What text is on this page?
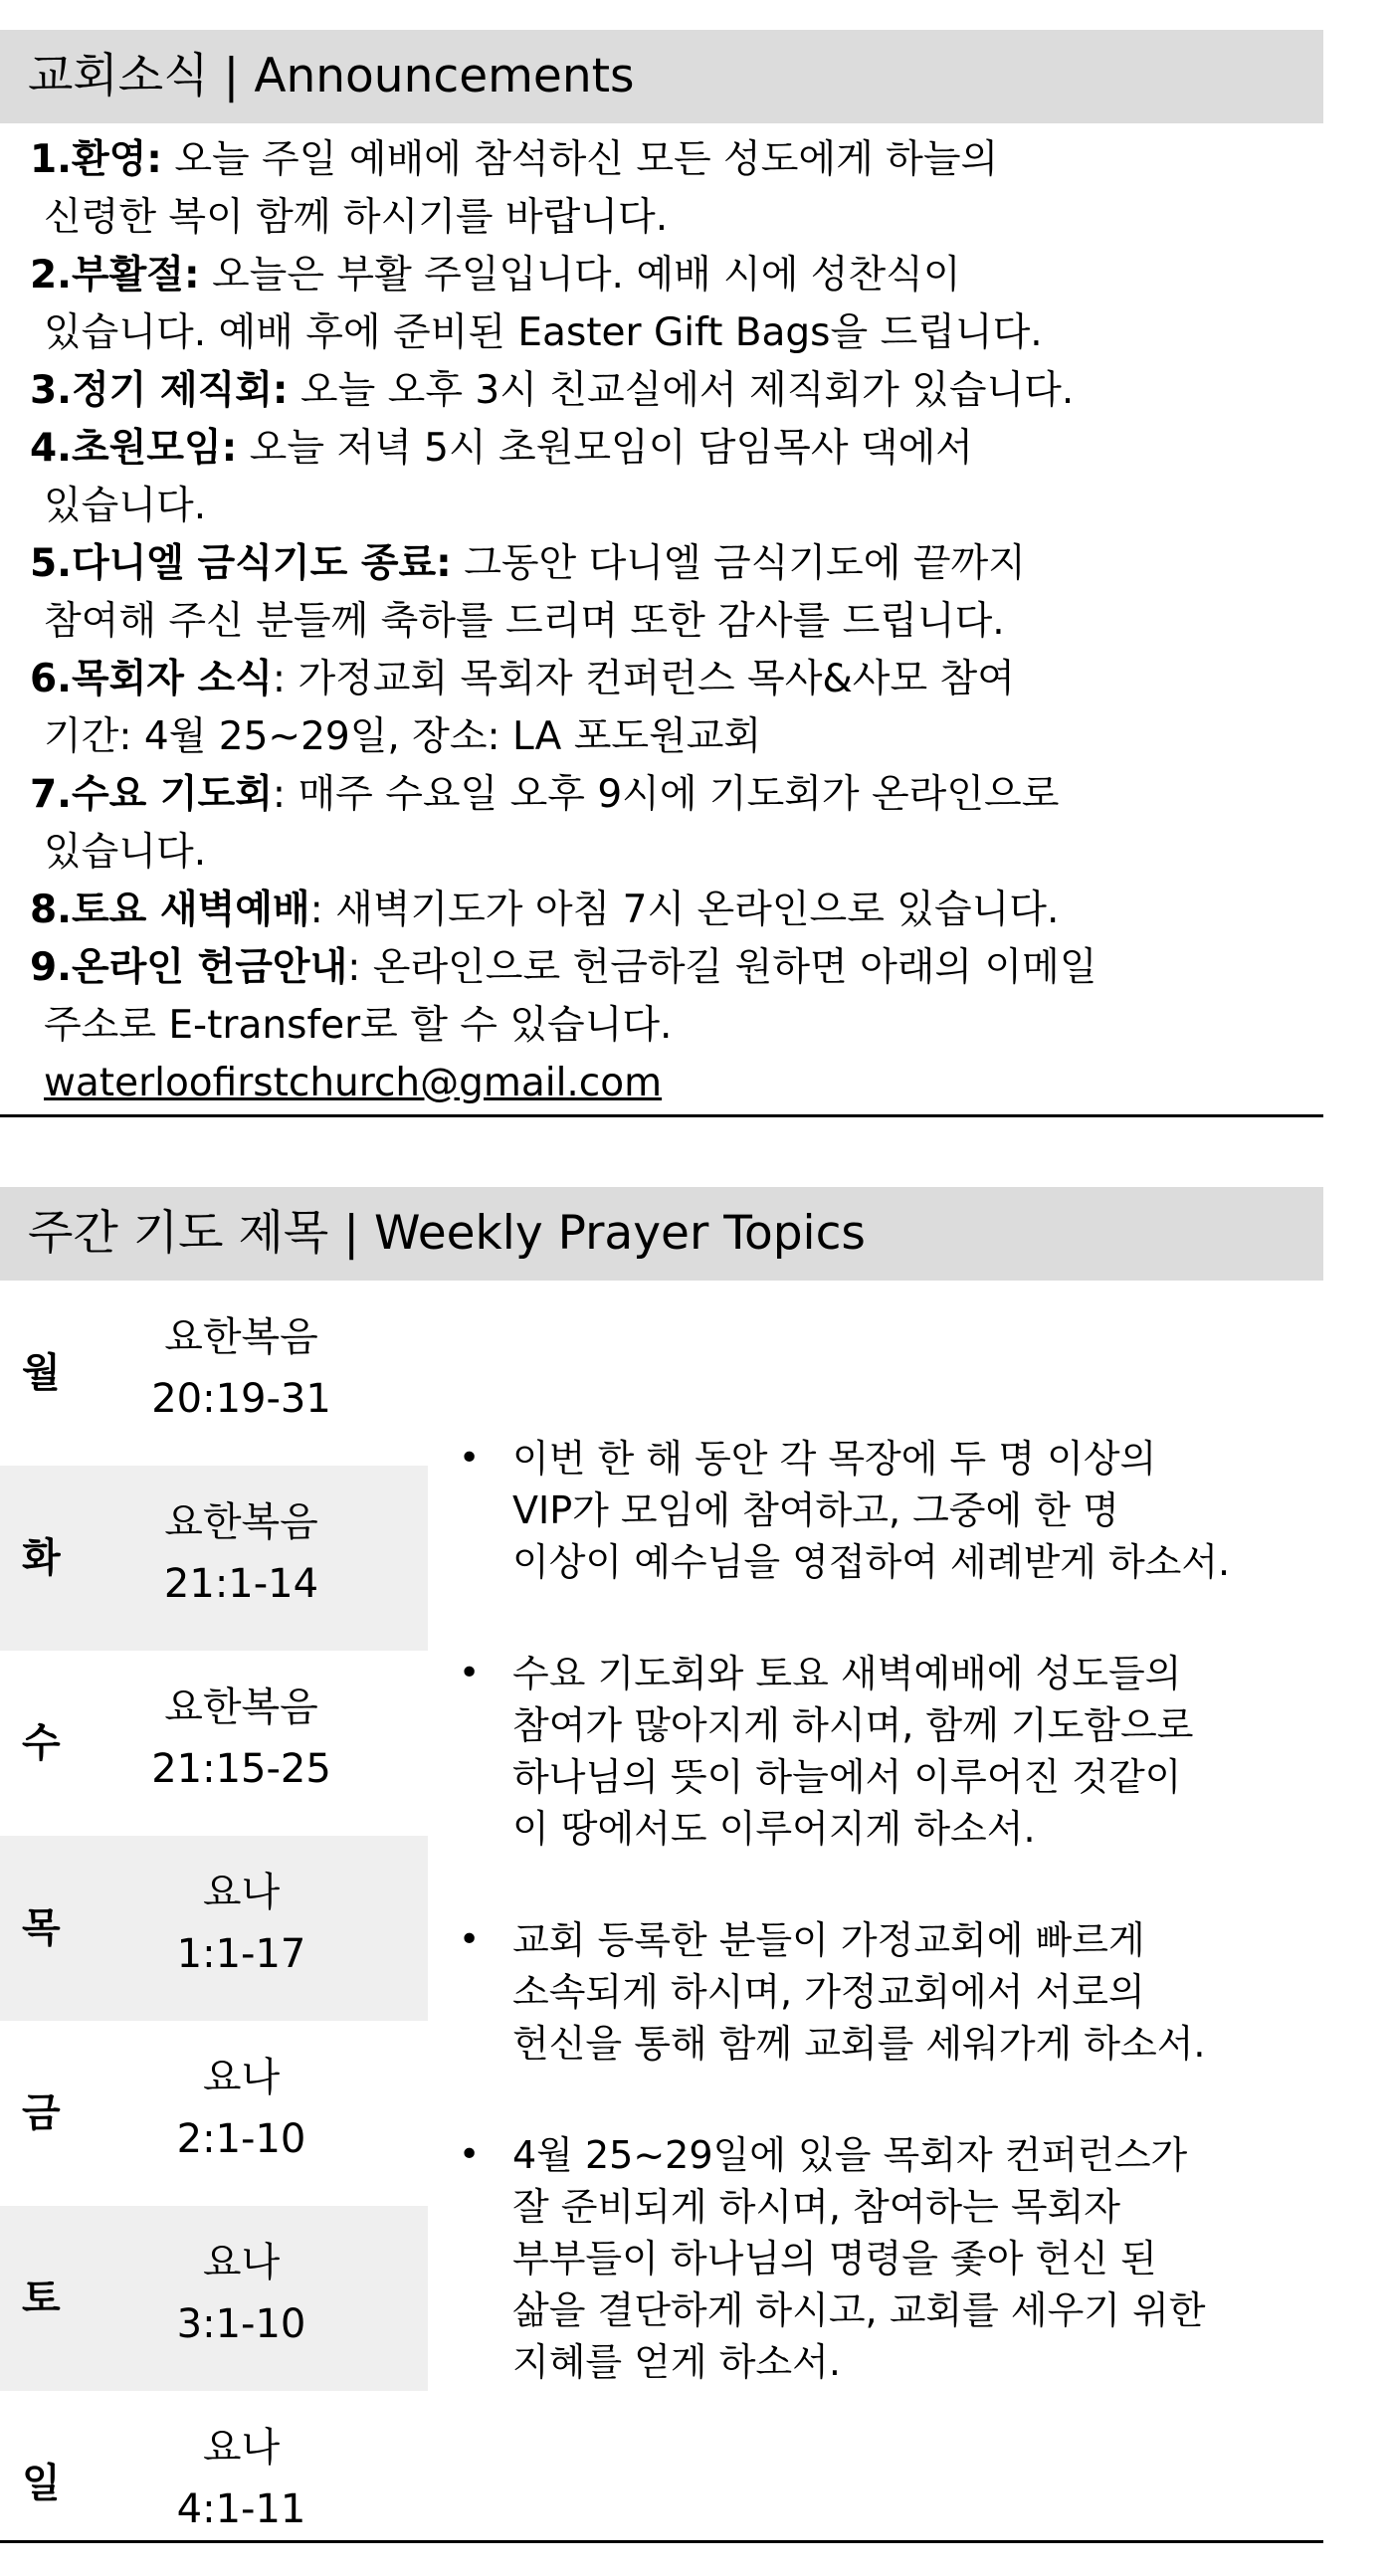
교회소식 | Announcements
1.환영: 오늘 주일 예배에 참석하신 모든 성도에게 하늘의
신령한 복이 함께 하시기를 바랍니다.
2.부활절: 오늘은 부활 주일입니다. 예배 시에 성찬식이
있습니다. 예배 후에 준비된 Easter Gift Bags을 드립니다.
3.정기 제직회: 오늘 오후 3시 친교실에서 제직회가 있습니다.
4.초원모임: 오늘 저녁 5시 초원모임이 담임목사 댁에서
있습니다.
5.다니엘 금식기도 종료: 그동안 다니엘 금식기도에 끝까지
참여해 주신 분들께 축하를 드리며 또한 감사를 드립니다.
6.목회자 소식: 가정교회 목회자 컨퍼런스 목사&사모 참여
기간: 4월 25~29일, 장소: LA 포도원교회
7.수요 기도회: 매주 수요일 오후 9시에 기도회가 온라인으로
있습니다.
8.토요 새벽예배: 새벽기도가 아침 7시 온라인으로 있습니다.
9.온라인 헌금안내: 온라인으로 헌금하길 원하면 아래의 이메일
주소로 E-transfer로 할 수 있습니다.
waterloofirstchurch@gmail.com
주간 기도 제목 | Weekly Prayer Topics
월
요한복음
20:19-31
화
요한복음
21:1-14
수
요한복음
21:15-25
목
요나
1:1-17
금
요나
2:1-10
토
요나
3:1-10
일
요나
4:1-11
• 이번 한 해 동안 각 목장에 두 명 이상의
VIP가 모임에 참여하고, 그중에 한 명
이상이 예수님을 영접하여 세례받게 하소서.
• 수요 기도회와 토요 새벽예배에 성도들의
참여가 많아지게 하시며, 함께 기도함으로
하나님의 뜻이 하늘에서 이루어진 것같이
이 땅에서도 이루어지게 하소서.
• 교회 등록한 분들이 가정교회에 빠르게
소속되게 하시며, 가정교회에서 서로의
헌신을 통해 함께 교회를 세워가게 하소서.
• 4월 25~29일에 있을 목회자 컨퍼런스가
잘 준비되게 하시며, 참여하는 목회자
부부들이 하나님의 명령을 좇아 헌신 된
삶을 결단하게 하시고, 교회를 세우기 위한
지혜를 얻게 하소서.
